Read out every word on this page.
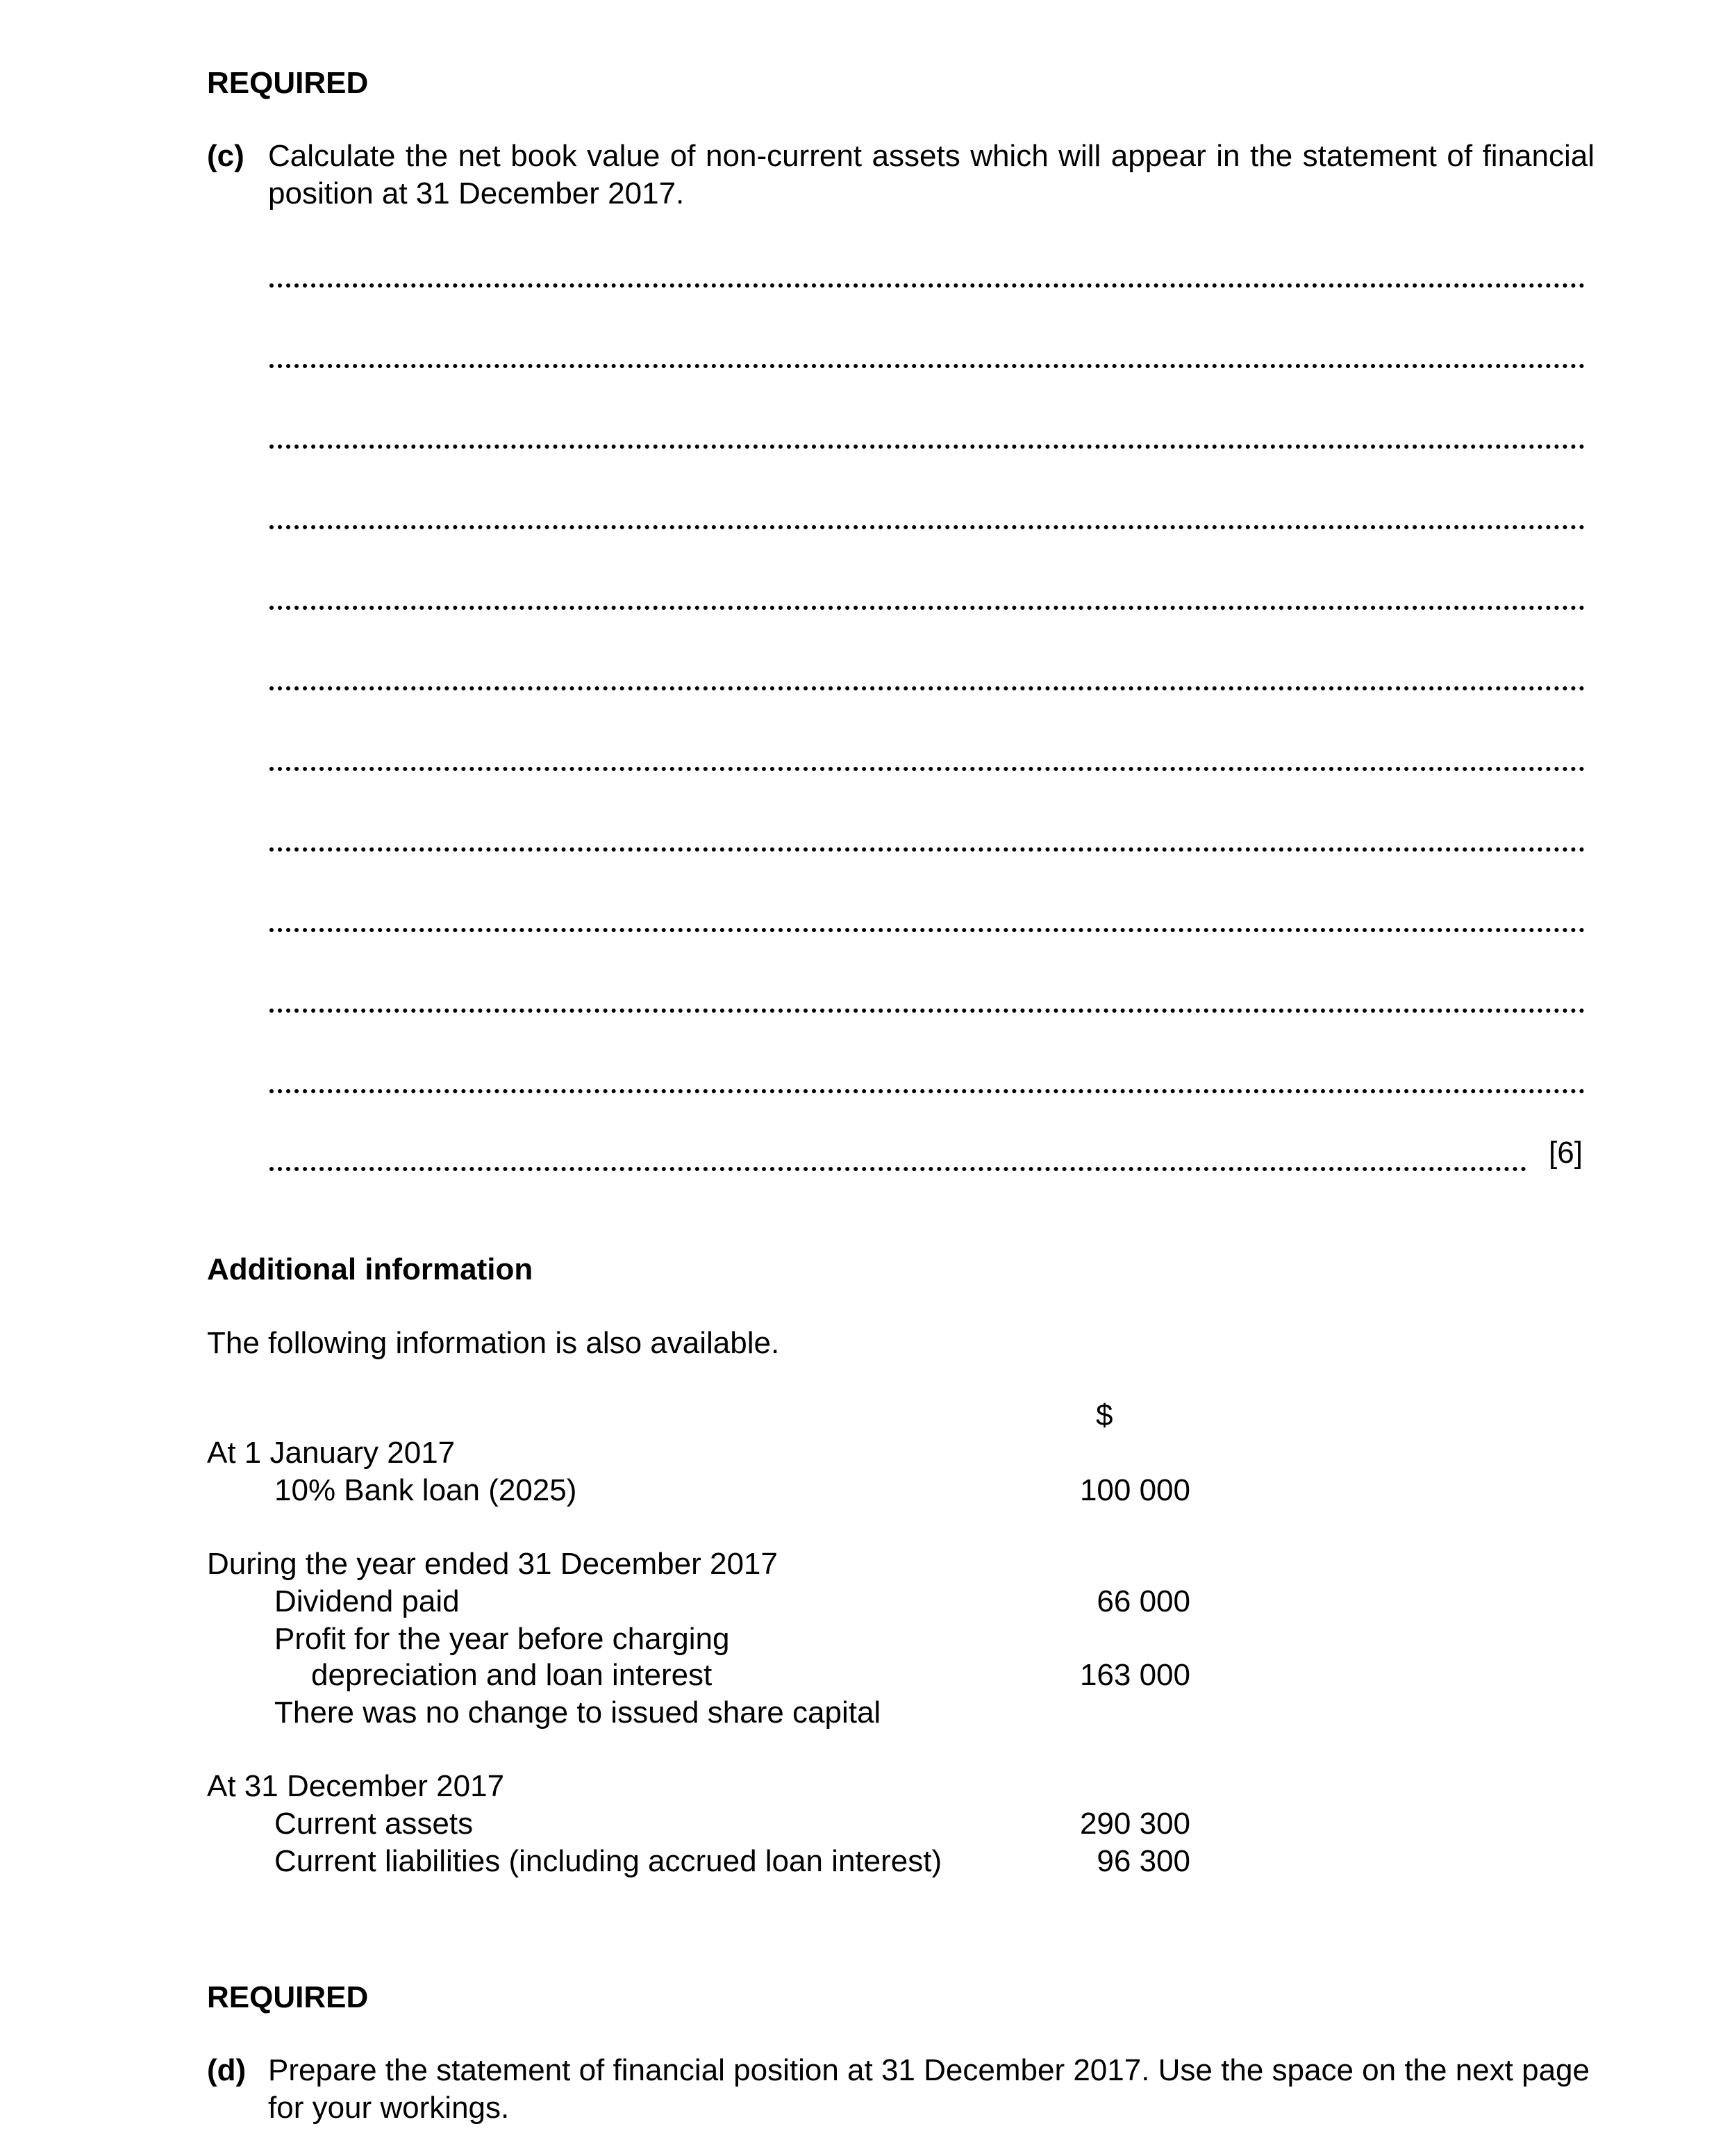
REQUIRED
(c) Calculate the net book value of non-current assets which will appear in the statement of financial position at 31 December 2017.
[6]
Additional information
The following information is also available.
$
At 1 January 2017
10% Bank loan (2025)	100 000
During the year ended 31 December 2017
Dividend paid	66 000
Profit for the year before charging
depreciation and loan interest	163 000
There was no change to issued share capital
At 31 December 2017
Current assets	290 300
Current liabilities (including accrued loan interest)	96 300
REQUIRED
(d) Prepare the statement of financial position at 31 December 2017. Use the space on the next page for your workings.
